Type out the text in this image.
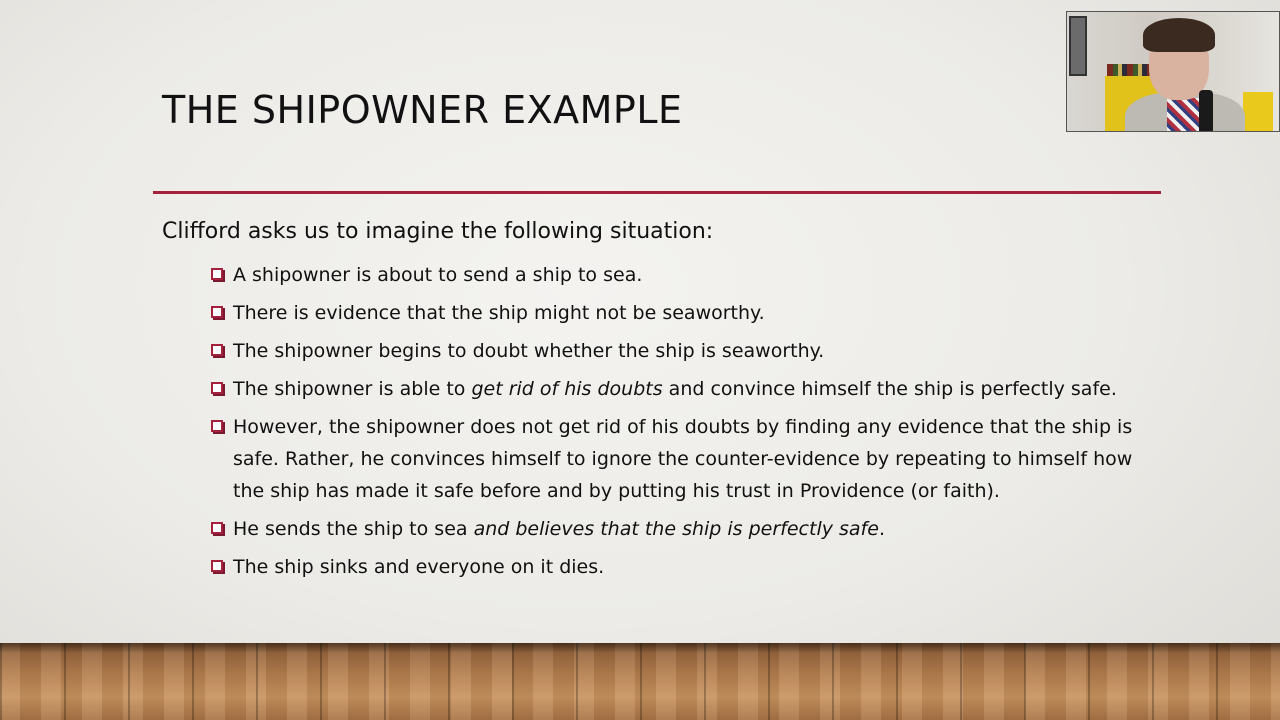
THE SHIPOWNER EXAMPLE
Clifford asks us to imagine the following situation:
A shipowner is about to send a ship to sea.
There is evidence that the ship might not be seaworthy.
The shipowner begins to doubt whether the ship is seaworthy.
The shipowner is able to get rid of his doubts and convince himself the ship is perfectly safe.
However, the shipowner does not get rid of his doubts by finding any evidence that the ship is safe. Rather, he convinces himself to ignore the counter-evidence by repeating to himself how the ship has made it safe before and by putting his trust in Providence (or faith).
He sends the ship to sea and believes that the ship is perfectly safe.
The ship sinks and everyone on it dies.
